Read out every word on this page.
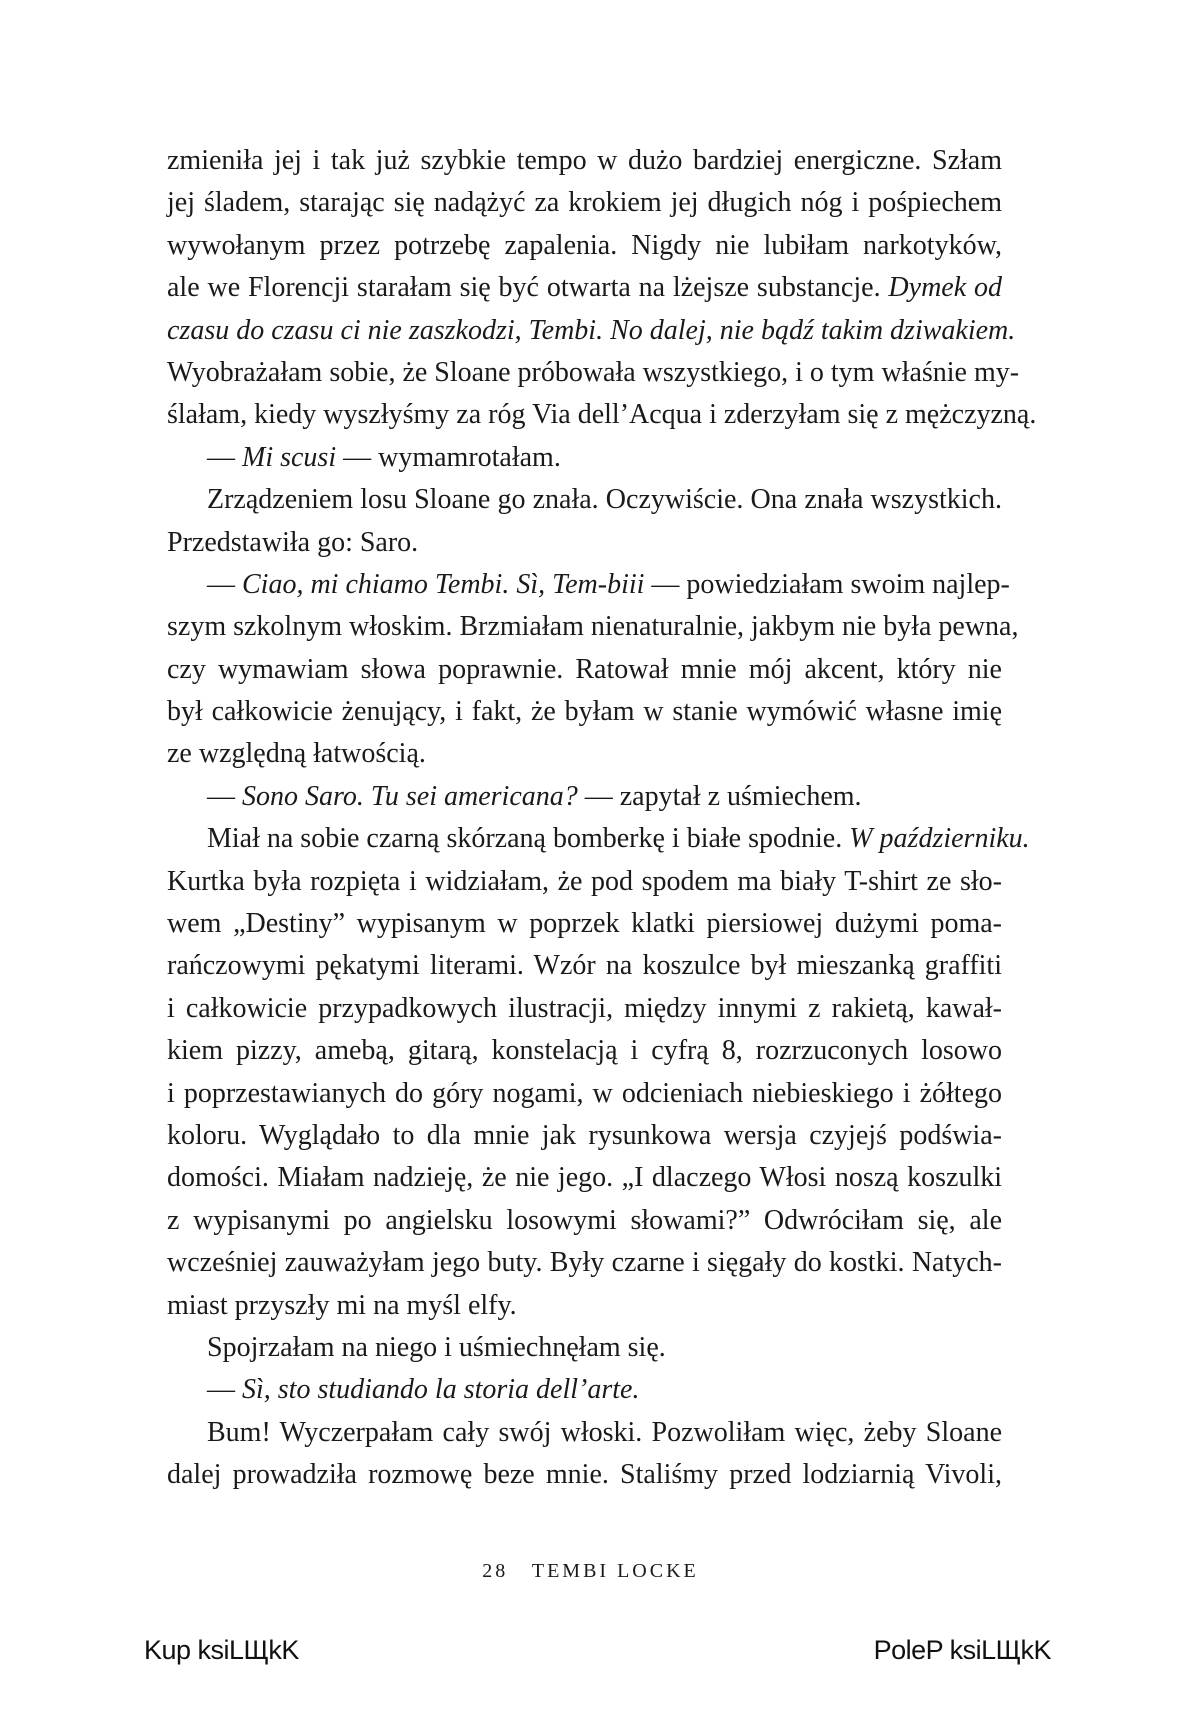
zmieniła jej i tak już szybkie tempo w dużo bardziej energiczne. Szłam
jej śladem, starając się nadążyć za krokiem jej długich nóg i pośpiechem
wywołanym przez potrzebę zapalenia. Nigdy nie lubiłam narkotyków,
ale we Florencji starałam się być otwarta na lżejsze substancje. Dymek od
czasu do czasu ci nie zaszkodzi, Tembi. No dalej, nie bądź takim dziwakiem.
Wyobrażałam sobie, że Sloane próbowała wszystkiego, i o tym właśnie my-
ślałam, kiedy wyszłyśmy za róg Via dell’Acqua i zderzyłam się z mężczyzną.
— Mi scusi — wymamrotałam.
Zrządzeniem losu Sloane go znała. Oczywiście. Ona znała wszystkich.
Przedstawiła go: Saro.
— Ciao, mi chiamo Tembi. Sì, Tem-biii — powiedziałam swoim najlep-
szym szkolnym włoskim. Brzmiałam nienaturalnie, jakbym nie była pewna,
czy wymawiam słowa poprawnie. Ratował mnie mój akcent, który nie
był całkowicie żenujący, i fakt, że byłam w stanie wymówić własne imię
ze względną łatwością.
— Sono Saro. Tu sei americana? — zapytał z uśmiechem.
Miał na sobie czarną skórzaną bomberkę i białe spodnie. W październiku.
Kurtka była rozpięta i widziałam, że pod spodem ma biały T-shirt ze sło-
wem „Destiny” wypisanym w poprzek klatki piersiowej dużymi poma-
rańczowymi pękatymi literami. Wzór na koszulce był mieszanką graffiti
i całkowicie przypadkowych ilustracji, między innymi z rakietą, kawał-
kiem pizzy, amebą, gitarą, konstelacją i cyfrą 8, rozrzuconych losowo
i poprzestawianych do góry nogami, w odcieniach niebieskiego i żółtego
koloru. Wyglądało to dla mnie jak rysunkowa wersja czyjejś podświa-
domości. Miałam nadzieję, że nie jego. „I dlaczego Włosi noszą koszulki
z wypisanymi po angielsku losowymi słowami?” Odwróciłam się, ale
wcześniej zauważyłam jego buty. Były czarne i sięgały do kostki. Natych-
miast przyszły mi na myśl elfy.
Spojrzałam na niego i uśmiechnęłam się.
— Sì, sto studiando la storia dell’arte.
Bum! Wyczerpałam cały swój włoski. Pozwoliłam więc, żeby Sloane
dalej prowadziła rozmowę beze mnie. Staliśmy przed lodziarnią Vivoli,
28 TEMBI LOCKE
Kup ksiLЩkK	PoleP ksiLЩkK
